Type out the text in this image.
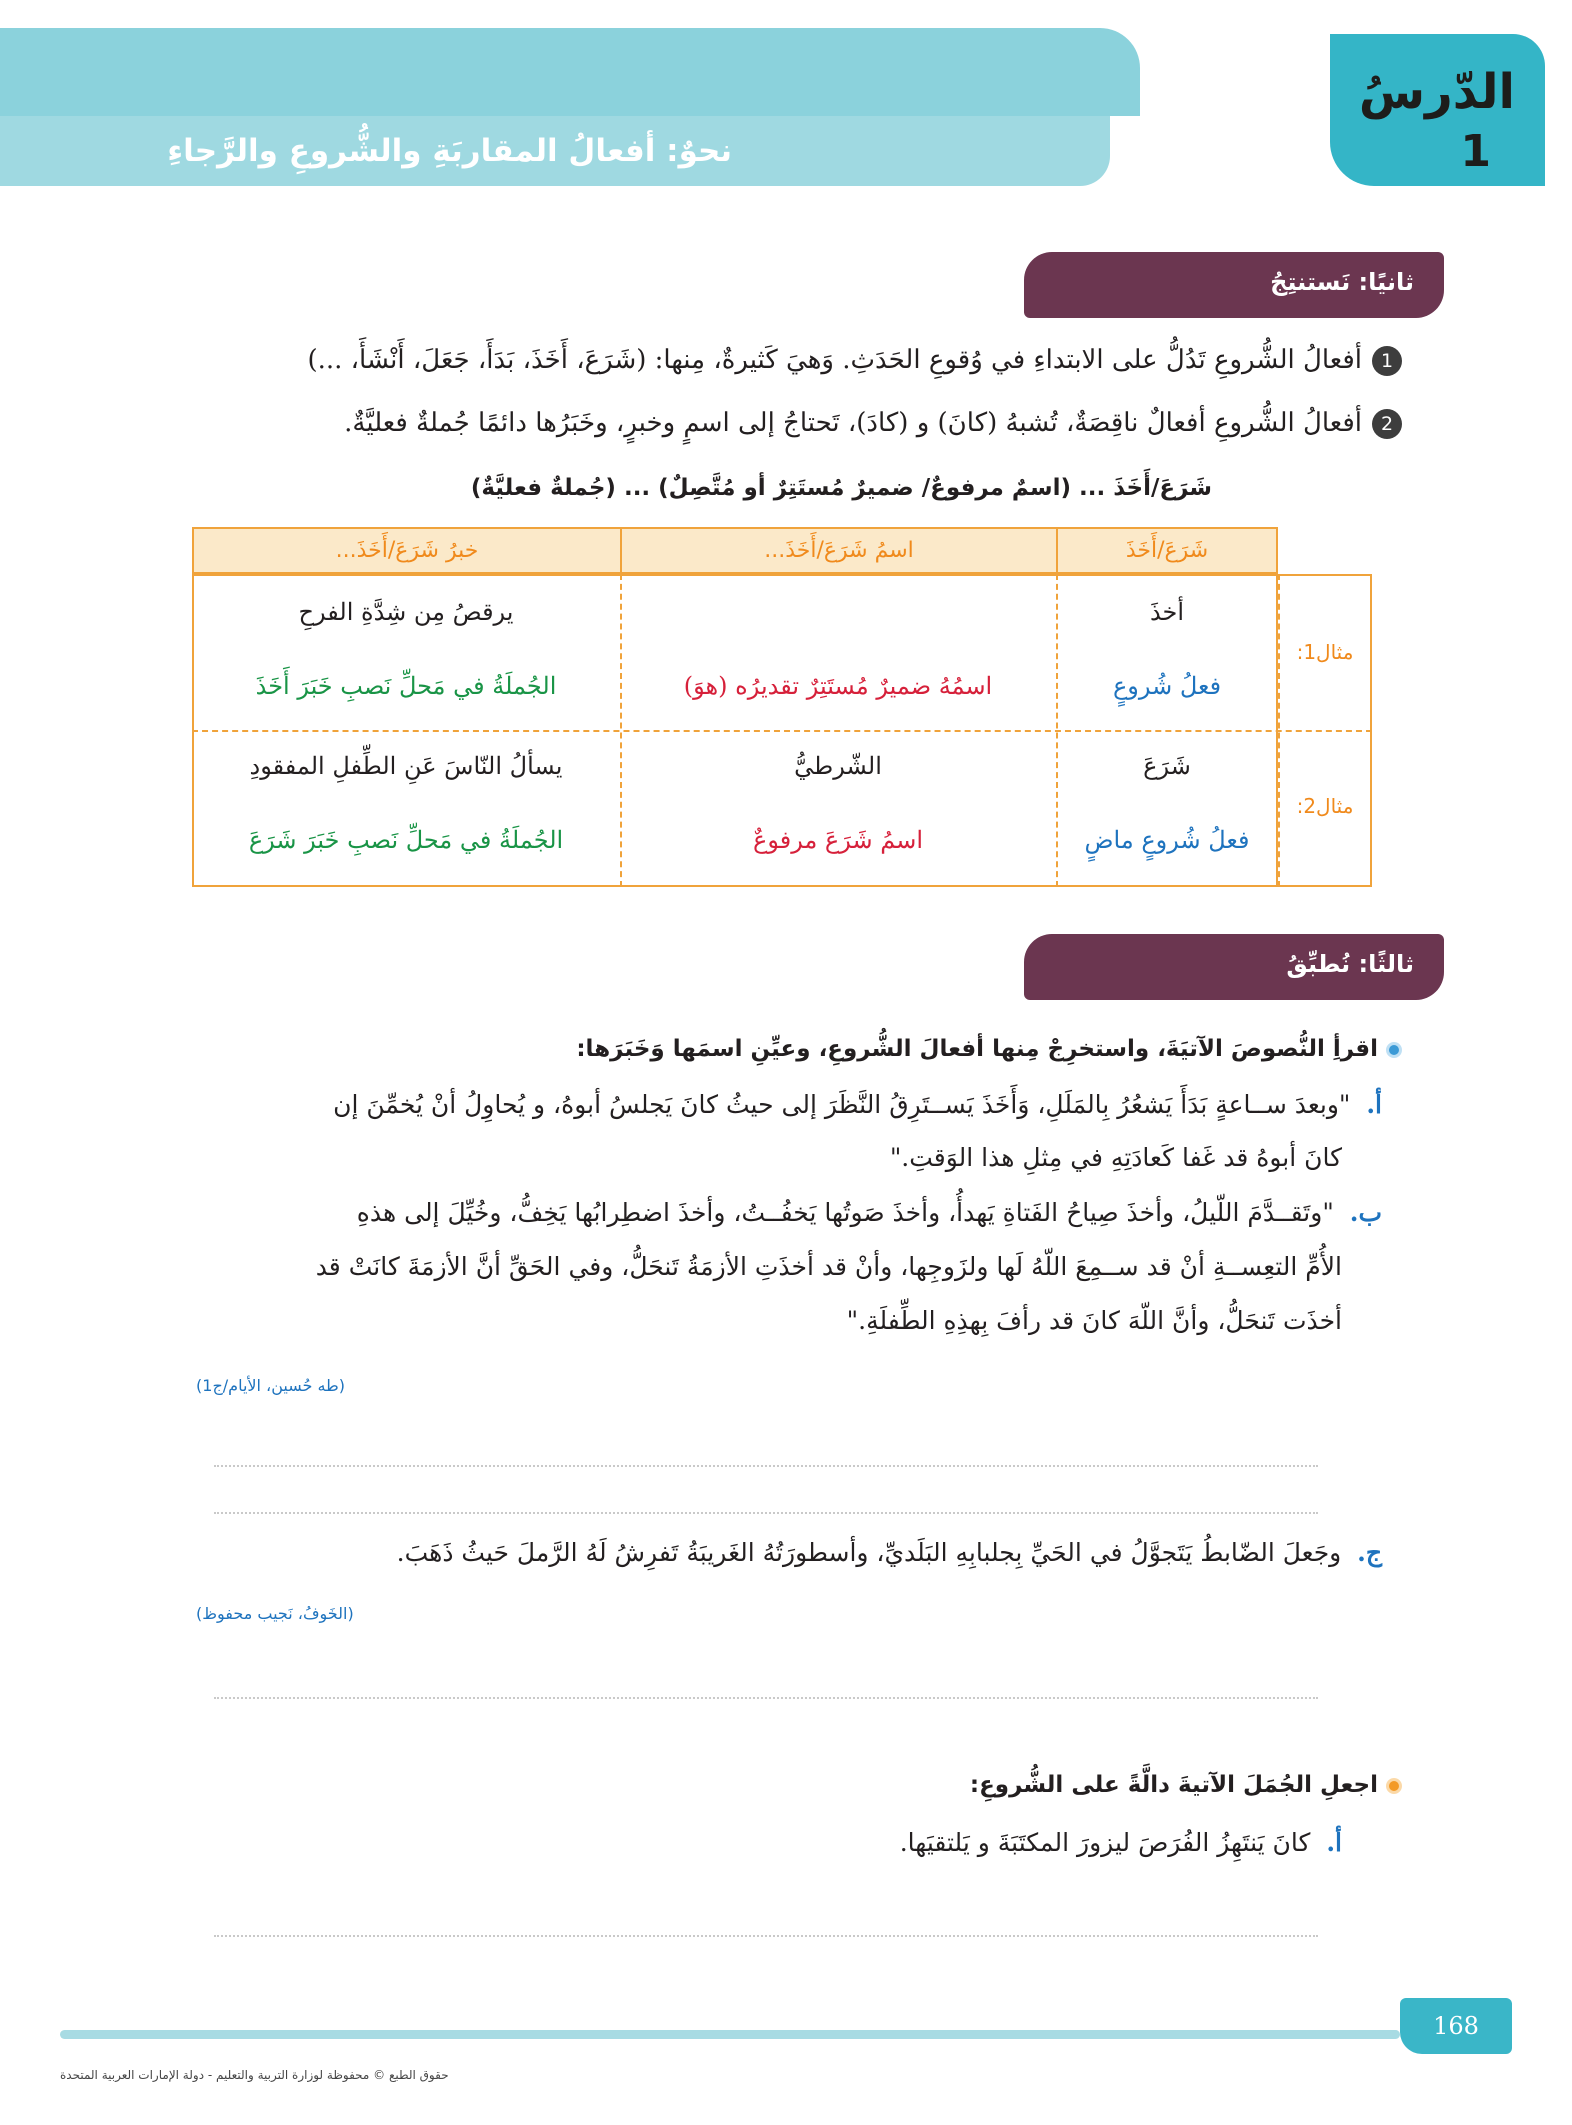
نحوٌ: أفعالُ المقاربَةِ والشُّروعِ والرَّجاءِ
الدّرسُ
1
ثانيًا: نَستنتِجُ
1أفعالُ الشُّروعِ تَدُلُّ على الابتداءِ في وُقوعِ الحَدَثِ. وَهيَ كَثيرةٌ، مِنها: (شَرَعَ، أَخَذَ، بَدَأَ، جَعَلَ، أَنْشَأَ، ...)
2أفعالُ الشُّروعِ أفعالٌ ناقِصَةٌ، تُشبهُ (كانَ) و (كادَ)، تَحتاجُ إلى اسمٍ وخبرٍ، وخَبَرُها دائمًا جُملةٌ فعليَّةٌ.
شَرَعَ/أَخَذَ ... (اسمٌ مرفوعٌ/ ضميرٌ مُستَتِرٌ أو مُتَّصِلٌ) ... (جُملةٌ فعليَّةٌ)
شَرَعَ/أَخَذَ
اسمُ شَرَعَ/أَخَذَ...
خبرُ شَرَعَ/أَخَذَ...
مثال1:
أخذَ
فعلُ شُروعٍ
اسمُهُ ضميرٌ مُستَتِرٌ تقديرُه (هوَ)
يرقصُ مِن شِدَّةِ الفرحِ
الجُملَةُ في مَحلِّ نَصبِ خَبَرَ أَخَذَ
مثال2:
شَرَعَ
فعلُ شُروعٍ ماضٍ
الشّرطيُّ
اسمُ شَرَعَ مرفوعٌ
يسألُ النّاسَ عَنِ الطِّفلِ المفقودِ
الجُملَةُ في مَحلِّ نَصبِ خَبَرَ شَرَعَ
ثالثًا: نُطبِّقُ
اقرأِ النُّصوصَ الآتيَةَ، واستخرِجْ مِنها أفعالَ الشُّروعِ، وعيِّنِ اسمَها وَخَبَرَها:
أ.  "وبعدَ ســاعةٍ بَدَأَ يَشعُرُ بِالمَلَلِ، وَأَخَذَ يَســتَرِقُ النَّظَرَ إلى حيثُ كانَ يَجلسُ أبوهُ، و يُحاوِلُ أنْ يُخمِّنَ إن
كانَ أبوهُ قد غَفا كَعادَتِهِ في مِثلِ هذا الوَقتِ."
ب.  "وتَقــدَّمَ اللّيلُ، وأخذَ صِياحُ الفَتاةِ يَهدأُ، وأخذَ صَوتُها يَخفُــتُ، وأخذَ اضطِرابُها يَخِفُّ، وخُيِّلَ إلى هذهِ
الأُمِّ التعِســةِ أنْ قد ســمِعَ اللّهُ لَها ولزَوجِها، وأنْ قد أخذَتِ الأزمَةُ تَنحَلُّ، وفي الحَقِّ أنَّ الأزمَةَ كانَتْ قد
أخذَت تَنحَلُّ، وأنَّ اللّهَ كانَ قد رأفَ بِهذِهِ الطِّفلَةِ."
(طه حُسين، الأيام/ج1)
ج.  وجَعلَ الضّابطُ يَتَجوَّلُ في الحَيِّ بِجلبابِهِ البَلَديِّ، وأسطورَتُهُ الغَريبَةُ تَفرِشُ لَهُ الرَّملَ حَيثُ ذَهَبَ.
(الخَوفُ، نَجيب محفوظ)
اجعلِ الجُمَلَ الآتيةَ دالَّةً على الشُّروعِ:
أ.  كانَ يَنتَهِزُ الفُرَصَ ليزورَ المكتَبَةَ و يَلتقيَها.
168
حقوق الطبع © محفوظة لوزارة التربية والتعليم - دولة الإمارات العربية المتحدة
